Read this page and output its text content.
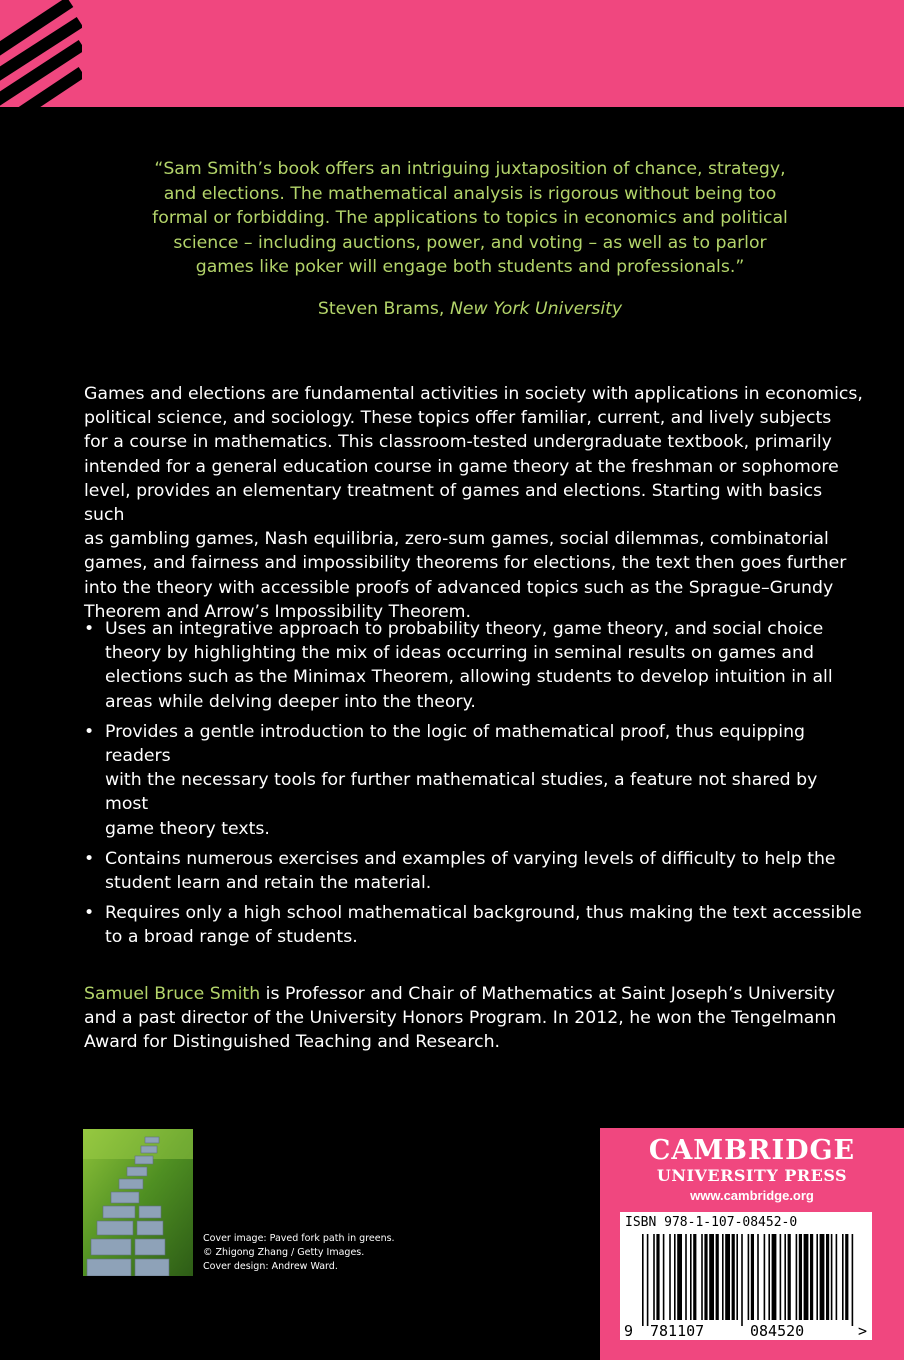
“Sam Smith’s book offers an intriguing juxtaposition of chance, strategy,

and elections. The mathematical analysis is rigorous without being too

formal or forbidding. The applications to topics in economics and political

science – including auctions, power, and voting – as well as to parlor

games like poker will engage both students and professionals.”

Steven Brams, New York University

Games and elections are fundamental activities in society with applications in economics,

political science, and sociology. These topics offer familiar, current, and lively subjects

for a course in mathematics. This classroom-tested undergraduate textbook, primarily

intended for a general education course in game theory at the freshman or sophomore

level, provides an elementary treatment of games and elections. Starting with basics such

as gambling games, Nash equilibria, zero-sum games, social dilemmas, combinatorial

games, and fairness and impossibility theorems for elections, the text then goes further

into the theory with accessible proofs of advanced topics such as the Sprague–Grundy

Theorem and Arrow’s Impossibility Theorem.

• Uses an integrative approach to probability theory, game theory, and social choice
theory by highlighting the mix of ideas occurring in seminal results on games and
elections such as the Minimax Theorem, allowing students to develop intuition in all
areas while delving deeper into the theory.
• Provides a gentle introduction to the logic of mathematical proof, thus equipping readers
with the necessary tools for further mathematical studies, a feature not shared by most
game theory texts.
• Contains numerous exercises and examples of varying levels of difficulty to help the
student learn and retain the material.
• Requires only a high school mathematical background, thus making the text accessible
to a broad range of students.

Samuel Bruce Smith is Professor and Chair of Mathematics at Saint Joseph’s University

and a past director of the University Honors Program. In 2012, he won the Tengelmann

Award for Distinguished Teaching and Research.

Cover image: Paved fork path in greens.
© Zhigong Zhang / Getty Images.
Cover design: Andrew Ward.
CAMBRIDGE
UNIVERSITY PRESS
www.cambridge.org
ISBN 978-1-107-08452-0
9 781107	084520	>
